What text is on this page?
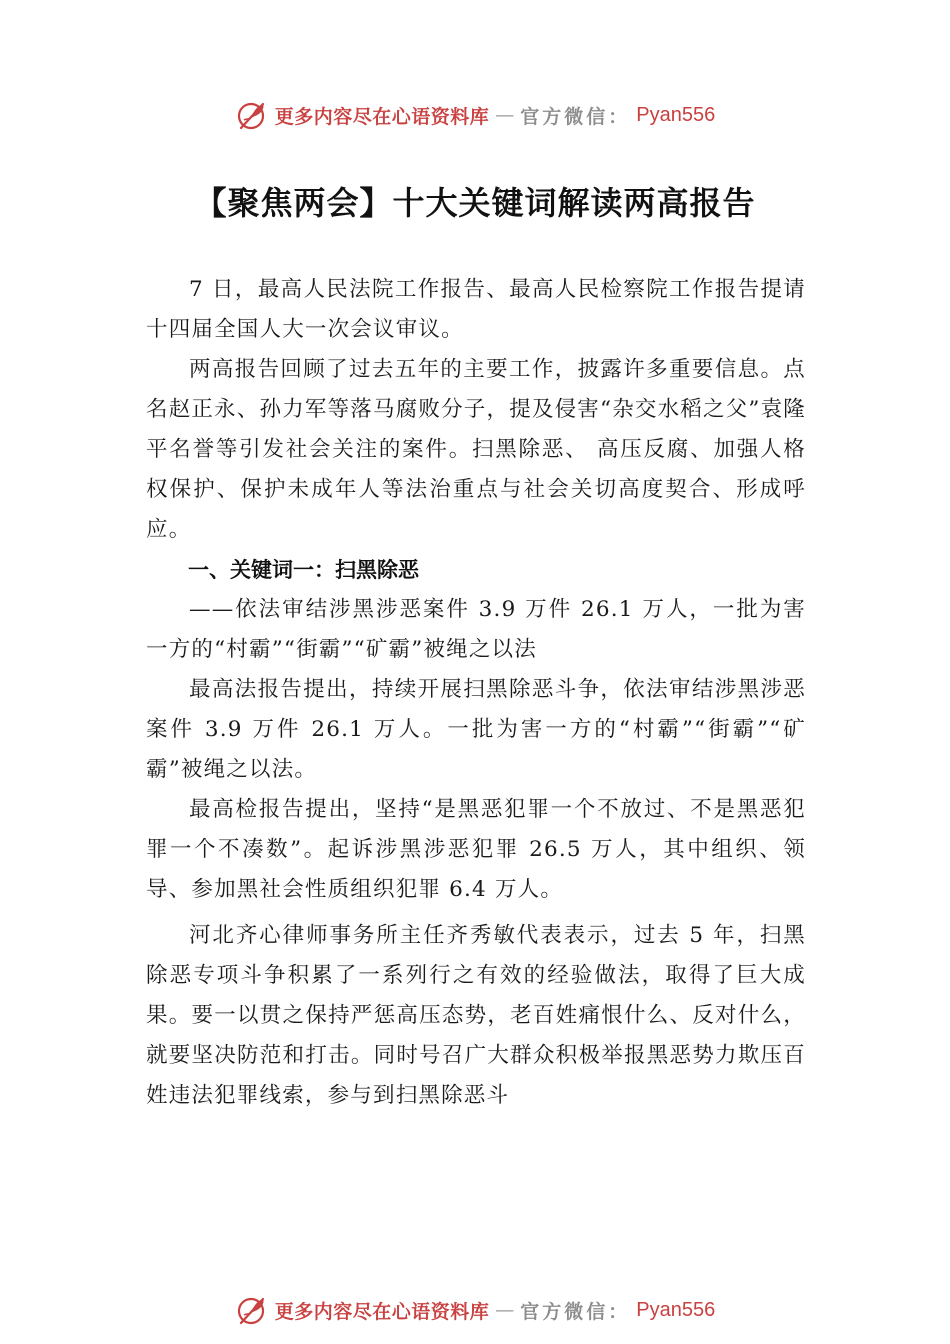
更多内容尽在心语资料库 — 官方微信： Pyan556
【聚焦两会】十大关键词解读两高报告

7 日，最高人民法院工作报告、最高人民检察院工作报告提请十四届全国人大一次会议审议。

两高报告回顾了过去五年的主要工作，披露许多重要信息。点名赵正永、孙力军等落马腐败分子，提及侵害“杂交水稻之父”袁隆平名誉等引发社会关注的案件。扫黑除恶、 高压反腐、加强人格权保护、保护未成年人等法治重点与社会关切高度契合、形成呼应。

一、关键词一：扫黑除恶

——依法审结涉黑涉恶案件 3.9 万件 26.1 万人，一批为害一方的“村霸”“街霸”“矿霸”被绳之以法

最高法报告提出，持续开展扫黑除恶斗争，依法审结涉黑涉恶案件 3.9 万件 26.1 万人。一批为害一方的“村霸”“街霸”“矿霸”被绳之以法。

最高检报告提出，坚持“是黑恶犯罪一个不放过、不是黑恶犯罪一个不凑数”。起诉涉黑涉恶犯罪 26.5 万人，其中组织、领导、参加黑社会性质组织犯罪 6.4 万人。

河北齐心律师事务所主任齐秀敏代表表示，过去 5 年，扫黑除恶专项斗争积累了一系列行之有效的经验做法，取得了巨大成果。要一以贯之保持严惩高压态势，老百姓痛恨什么、反对什么，就要坚决防范和打击。同时号召广大群众积极举报黑恶势力欺压百姓违法犯罪线索，参与到扫黑除恶斗

更多内容尽在心语资料库 — 官方微信： Pyan556
